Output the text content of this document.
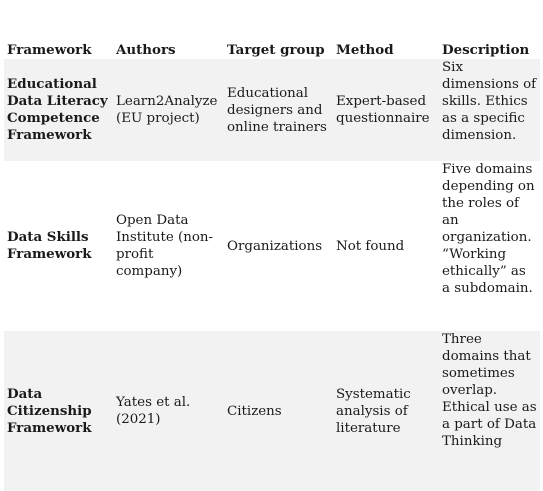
Framework	Authors	Target group	Method	Description
Educational Data Literacy Competence Framework	Learn2Analyze (EU project)	Educational designers and online trainers	Expert-based questionnaire	Six dimensions of skills. Ethics as a specific dimension.
Data Skills Framework	Open Data Institute (non-profit company)	Organizations	Not found	Five domains depending on the roles of an organization. “Working ethically” as a subdomain.
Data Citizenship Framework	Yates et al. (2021)	Citizens	Systematic analysis of literature	Three domains that sometimes overlap. Ethical use as a part of Data Thinking
